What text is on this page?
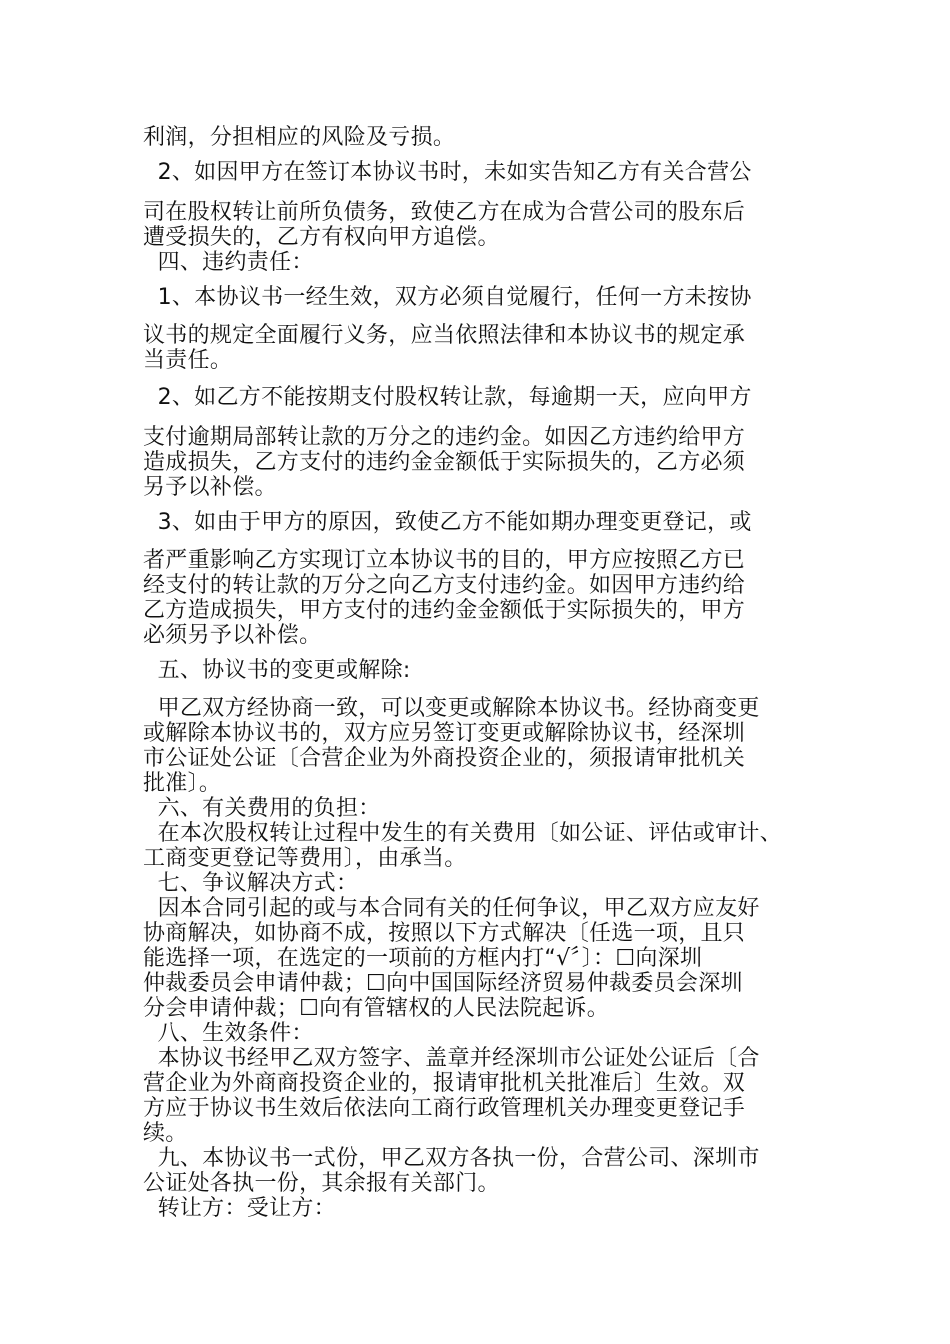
利润，分担相应的风险及亏损。
2、如因甲方在签订本协议书时，未如实告知乙方有关合营公
司在股权转让前所负债务，致使乙方在成为合营公司的股东后
遭受损失的，乙方有权向甲方追偿。
四、违约责任：
1、本协议书一经生效，双方必须自觉履行，任何一方未按协
议书的规定全面履行义务，应当依照法律和本协议书的规定承
当责任。
2、如乙方不能按期支付股权转让款，每逾期一天，应向甲方
支付逾期局部转让款的万分之的违约金。如因乙方违约给甲方
造成损失，乙方支付的违约金金额低于实际损失的，乙方必须
另予以补偿。
3、如由于甲方的原因，致使乙方不能如期办理变更登记，或
者严重影响乙方实现订立本协议书的目的，甲方应按照乙方已
经支付的转让款的万分之向乙方支付违约金。如因甲方违约给
乙方造成损失，甲方支付的违约金金额低于实际损失的，甲方
必须另予以补偿。
五、协议书的变更或解除:
甲乙双方经协商一致，可以变更或解除本协议书。经协商变更
或解除本协议书的，双方应另签订变更或解除协议书，经深圳
市公证处公证〔合营企业为外商投资企业的，须报请审批机关
批准〕。
六、有关费用的负担：
在本次股权转让过程中发生的有关费用〔如公证、评估或审计、
工商变更登记等费用〕，由承当。
七、争议解决方式：
因本合同引起的或与本合同有关的任何争议，甲乙双方应友好
协商解决，如协商不成，按照以下方式解决〔任选一项，且只
能选择一项，在选定的一项前的方框内打“√〞〕：☐向深圳
仲裁委员会申请仲裁；☐向中国国际经济贸易仲裁委员会深圳
分会申请仲裁；☐向有管辖权的人民法院起诉。
八、生效条件：
本协议书经甲乙双方签字、盖章并经深圳市公证处公证后〔合
营企业为外商商投资企业的，报请审批机关批准后〕生效。双
方应于协议书生效后依法向工商行政管理机关办理变更登记手
续。
九、本协议书一式份，甲乙双方各执一份，合营公司、深圳市
公证处各执一份，其余报有关部门。
转让方：受让方：
